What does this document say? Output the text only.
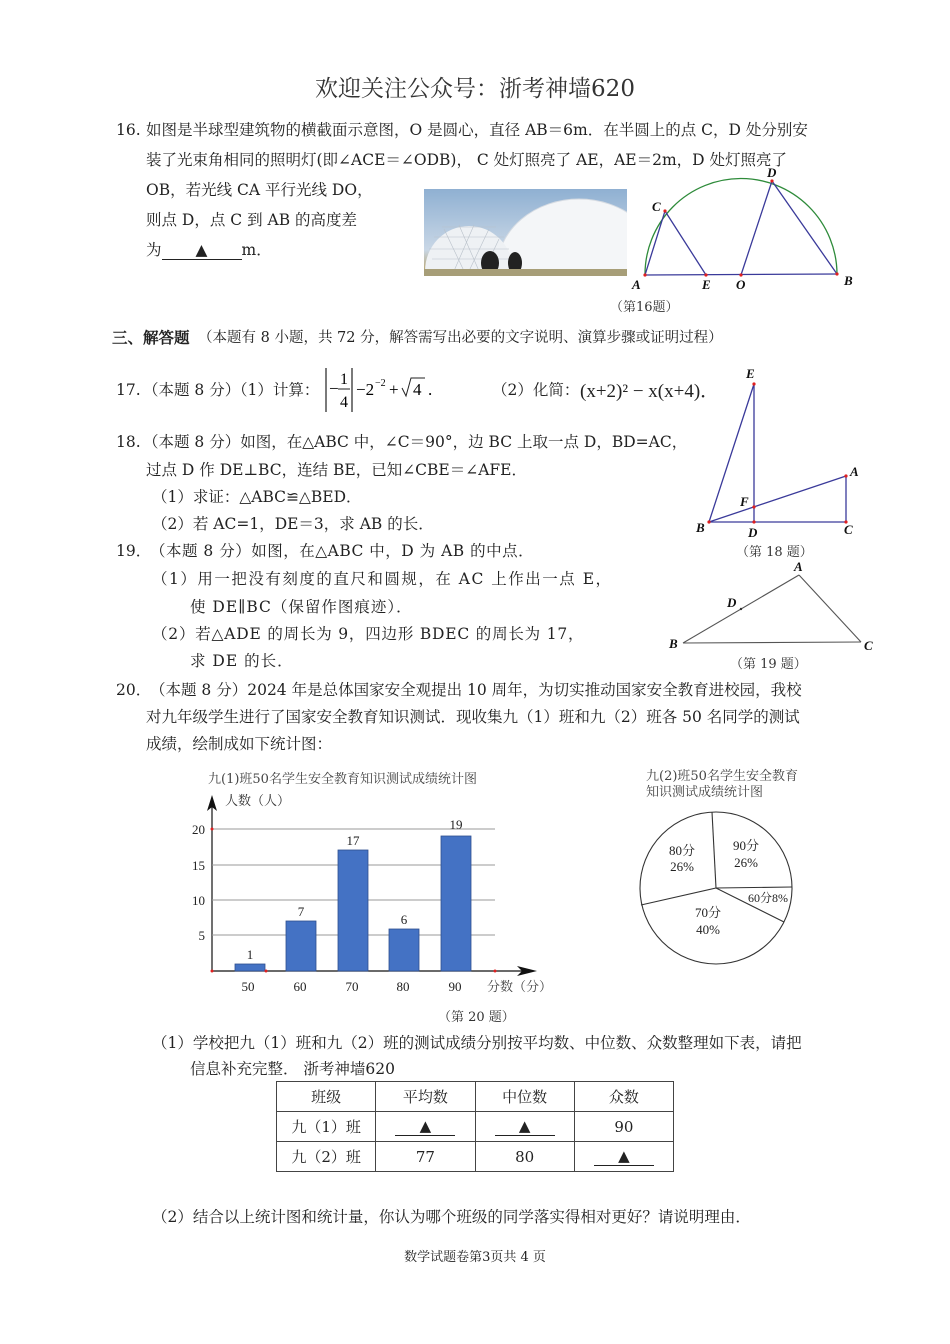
欢迎关注公众号：浙考神墙620
16. 如图是半球型建筑物的横截面示意图，O 是圆心，直径 AB＝6m．在半圆上的点 C，D 处分别安
装了光束角相同的照明灯(即∠ACE＝∠ODB)， C 处灯照亮了 AE，AE＝2m，D 处灯照亮了
OB，若光线 CA 平行光线 DO，
则点 D，点 C 到 AB 的高度差
为 ▲ m．
A	E O	B
C
D
（第16题）
三、解答题 （本题有 8 小题，共 72 分，解答需写出必要的文字说明、演算步骤或证明过程）
17. （本题 8 分）
（1）计算： − 1
4
−2 −2 + 4 .	（2）化简： (x+2)² − x(x+4)．
18. （本题 8 分）如图，在△ABC 中，∠C＝90°，边 BC 上取一点 D，BD=AC，
过点 D 作 DE⊥BC，连结 BE，已知∠CBE＝∠AFE．
（1）求证：△ABC≌△BED．
（2）若 AC=1，DE＝3，求 AB 的长．
E
A
F
B	D	C
（第 18 题）
19．
（本题 8 分）如图，在△ABC 中，D 为 AB 的中点．
（1）用一把没有刻度的直尺和圆规，在 AC 上作出一点 E，
使 DE∥BC（保留作图痕迹）．
（2）若△ADE 的周长为 9，四边形 BDEC 的周长为 17，
求 DE 的长．
A
D
B	C
（第 19 题）
20．
（本题 8 分）2024 年是总体国家安全观提出 10 周年，为切实推动国家安全教育进校园，我校
对九年级学生进行了国家安全教育知识测试．现收集九（1）班和九（2）班各 50 名同学的测试
成绩，绘制成如下统计图：
九(1)班50名学生安全教育知识测试成绩统计图
人数（人）
5
10
15
20
1
7
17
6
19
50	60	70	80	90 分数（分）
九(2)班50名学生安全教育知识测试成绩统计图
80分
26%
90分
26%
60分8%
70分
40%
（第 20 题）
（1）学校把九（1）班和九（2）班的测试成绩分别按平均数、中位数、众数整理如下表，请把
信息补充完整． 浙考神墙620
班级	平均数	中位数	众数
九（1）班	▲	▲	90
九（2）班	77	80	▲
（2）结合以上统计图和统计量，你认为哪个班级的同学落实得相对更好？请说明理由．
数学试题卷第3页共 4 页
